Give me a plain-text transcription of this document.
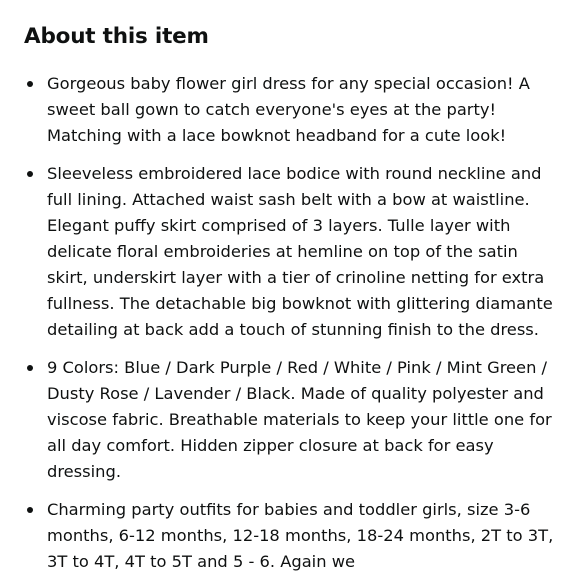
About this item
Gorgeous baby flower girl dress for any special occasion! A sweet ball gown to catch everyone's eyes at the party! Matching with a lace bowknot headband for a cute look!
Sleeveless embroidered lace bodice with round neckline and full lining. Attached waist sash belt with a bow at waistline. Elegant puffy skirt comprised of 3 layers. Tulle layer with delicate floral embroideries at hemline on top of the satin skirt, underskirt layer with a tier of crinoline netting for extra fullness. The detachable big bowknot with glittering diamante detailing at back add a touch of stunning finish to the dress.
9 Colors: Blue / Dark Purple / Red / White / Pink / Mint Green / Dusty Rose / Lavender / Black. Made of quality polyester and viscose fabric. Breathable materials to keep your little one for all day comfort. Hidden zipper closure at back for easy dressing.
Charming party outfits for babies and toddler girls, size 3-6 months, 6-12 months, 12-18 months, 18-24 months, 2T to 3T, 3T to 4T, 4T to 5T and 5 - 6. Again we
